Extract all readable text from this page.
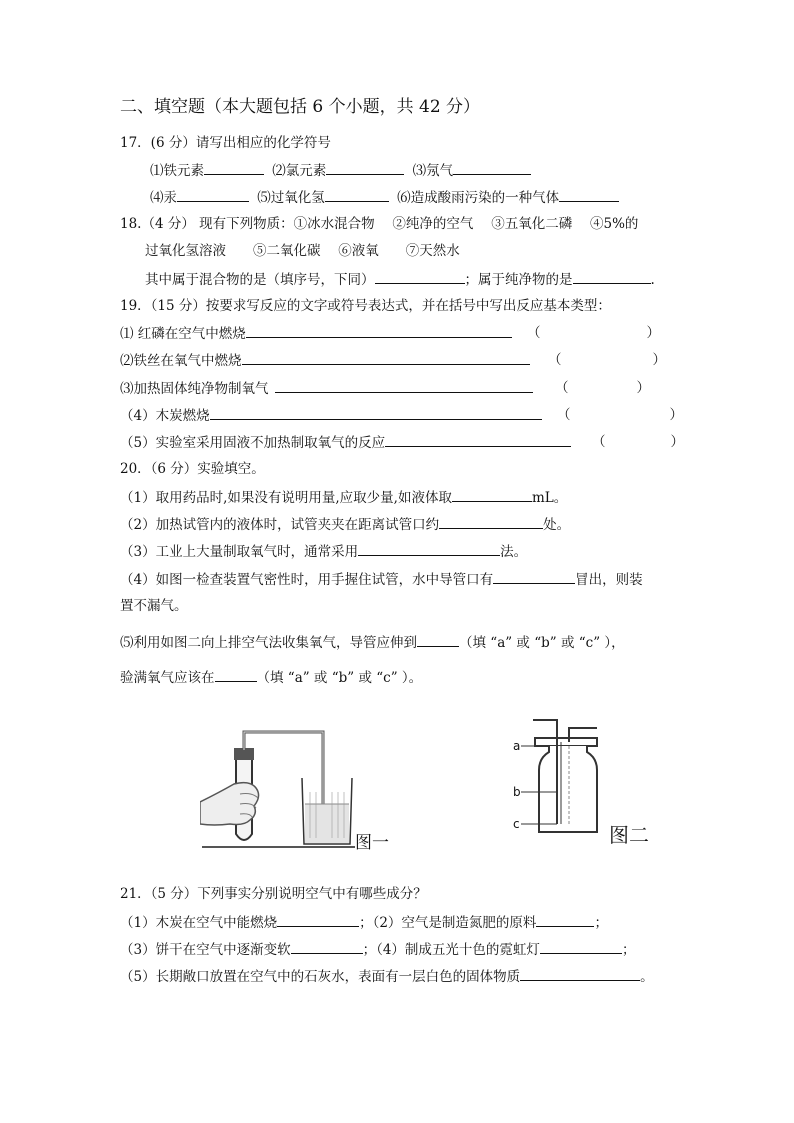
二、填空题（本大题包括 6 个小题，共 42 分）
17．(6 分）请写出相应的化学符号
⑴铁元素	⑵氯元素	⑶氖气
⑷汞	⑸过氧化氢	⑹造成酸雨污染的一种气体
18.（4 分） 现有下列物质：①冰水混合物　 ②纯净的空气　 ③五氧化二磷　 ④5%的
过氧化氢溶液　　⑤二氧化碳　 ⑥液氧　　⑦天然水
其中属于混合物的是（填序号，下同）	；属于纯净物的是	.
19．（15 分）按要求写反应的文字或符号表达式，并在括号中写出反应基本类型：
⑴ 红磷在空气中燃烧	（	）
⑵铁丝在氧气中燃烧	（	）
⑶加热固体纯净物制氧气	（	）
（4）木炭燃烧	（	）
（5）实验室采用固液不加热制取氧气的反应	（	）
20．（6 分）实验填空。
（1）取用药品时,如果没有说明用量,应取少量,如液体取	mL。
（2）加热试管内的液体时，试管夹夹在距离试管口约	处。
（3）工业上大量制取氧气时，通常采用	法。
（4）如图一检查装置气密性时，用手握住试管，水中导管口有	冒出，则装
置不漏气。
⑸利用如图二向上排空气法收集氧气，导管应伸到	（填 “a” 或 “b” 或 “c” ），
验满氧气应该在	（填 “a” 或 “b” 或 “c” ）。
图一
a
b
c	图二
21．（5 分）下列事实分别说明空气中有哪些成分？
（1）木炭在空气中能燃烧	；（2）空气是制造氮肥的原料	；
（3）饼干在空气中逐渐变软	；（4）制成五光十色的霓虹灯	；
（5）长期敞口放置在空气中的石灰水，表面有一层白色的固体物质	。
